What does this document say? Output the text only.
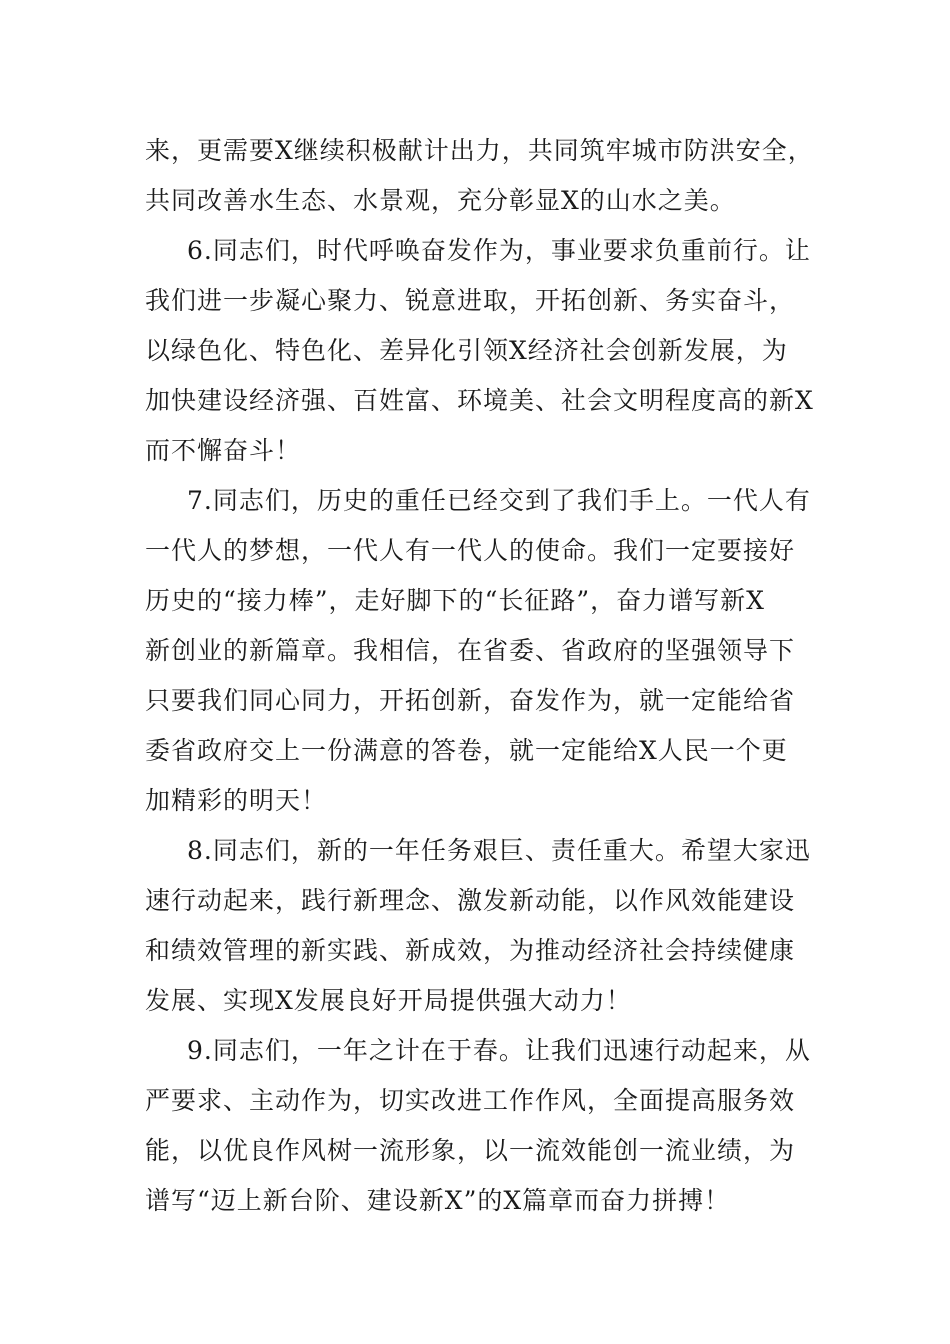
来，更需要X继续积极献计出力，共同筑牢城市防洪安全，
共同改善水生态、水景观，充分彰显X的山水之美。
6.同志们，时代呼唤奋发作为，事业要求负重前行。让
我们进一步凝心聚力、锐意进取，开拓创新、务实奋斗，
以绿色化、特色化、差异化引领X经济社会创新发展，为
加快建设经济强、百姓富、环境美、社会文明程度高的新X
而不懈奋斗！
7.同志们，历史的重任已经交到了我们手上。一代人有
一代人的梦想，一代人有一代人的使命。我们一定要接好
历史的“接力棒”，走好脚下的“长征路”，奋力谱写新X
新创业的新篇章。我相信，在省委、省政府的坚强领导下
只要我们同心同力，开拓创新，奋发作为，就一定能给省
委省政府交上一份满意的答卷，就一定能给X人民一个更
加精彩的明天！
8.同志们，新的一年任务艰巨、责任重大。希望大家迅
速行动起来，践行新理念、激发新动能，以作风效能建设
和绩效管理的新实践、新成效，为推动经济社会持续健康
发展、实现X发展良好开局提供强大动力！
9.同志们，一年之计在于春。让我们迅速行动起来，从
严要求、主动作为，切实改进工作作风，全面提高服务效
能，以优良作风树一流形象，以一流效能创一流业绩，为
谱写“迈上新台阶、建设新X”的X篇章而奋力拼搏！
